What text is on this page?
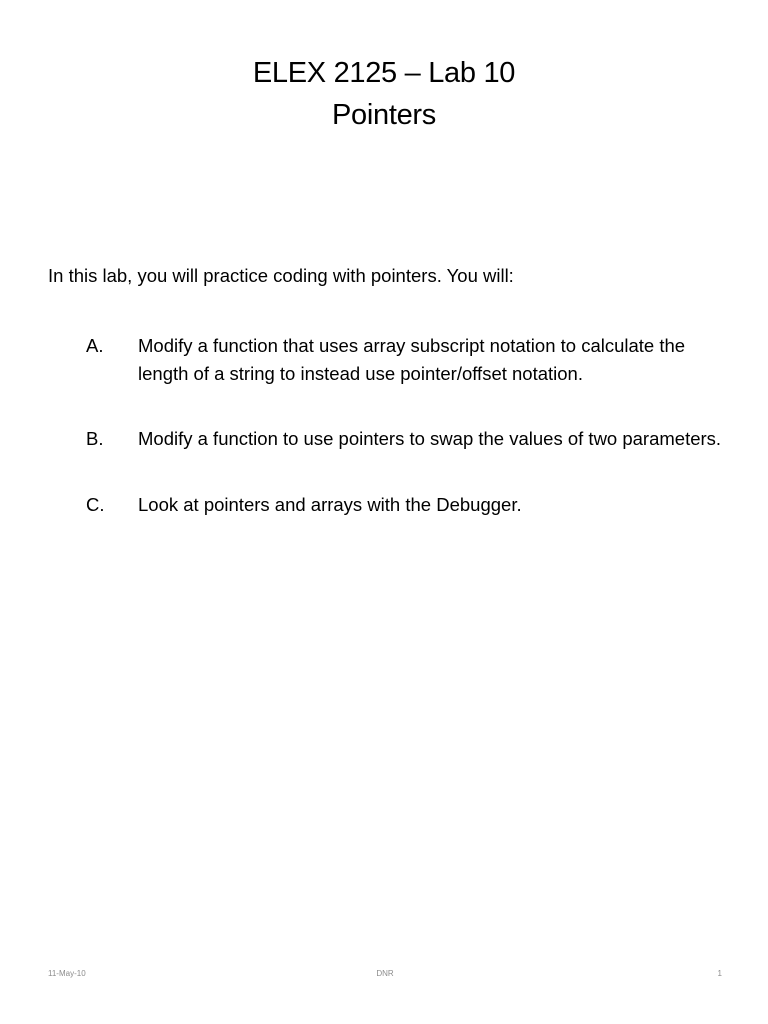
ELEX 2125 – Lab 10
Pointers
In this lab, you will practice coding with pointers. You will:
A.	Modify a function that uses array subscript notation to calculate the length of a string to instead use pointer/offset notation.
B.	Modify a function to use pointers to swap the values of two parameters.
C.	Look at pointers and arrays with the Debugger.
11-May-10	DNR	1
